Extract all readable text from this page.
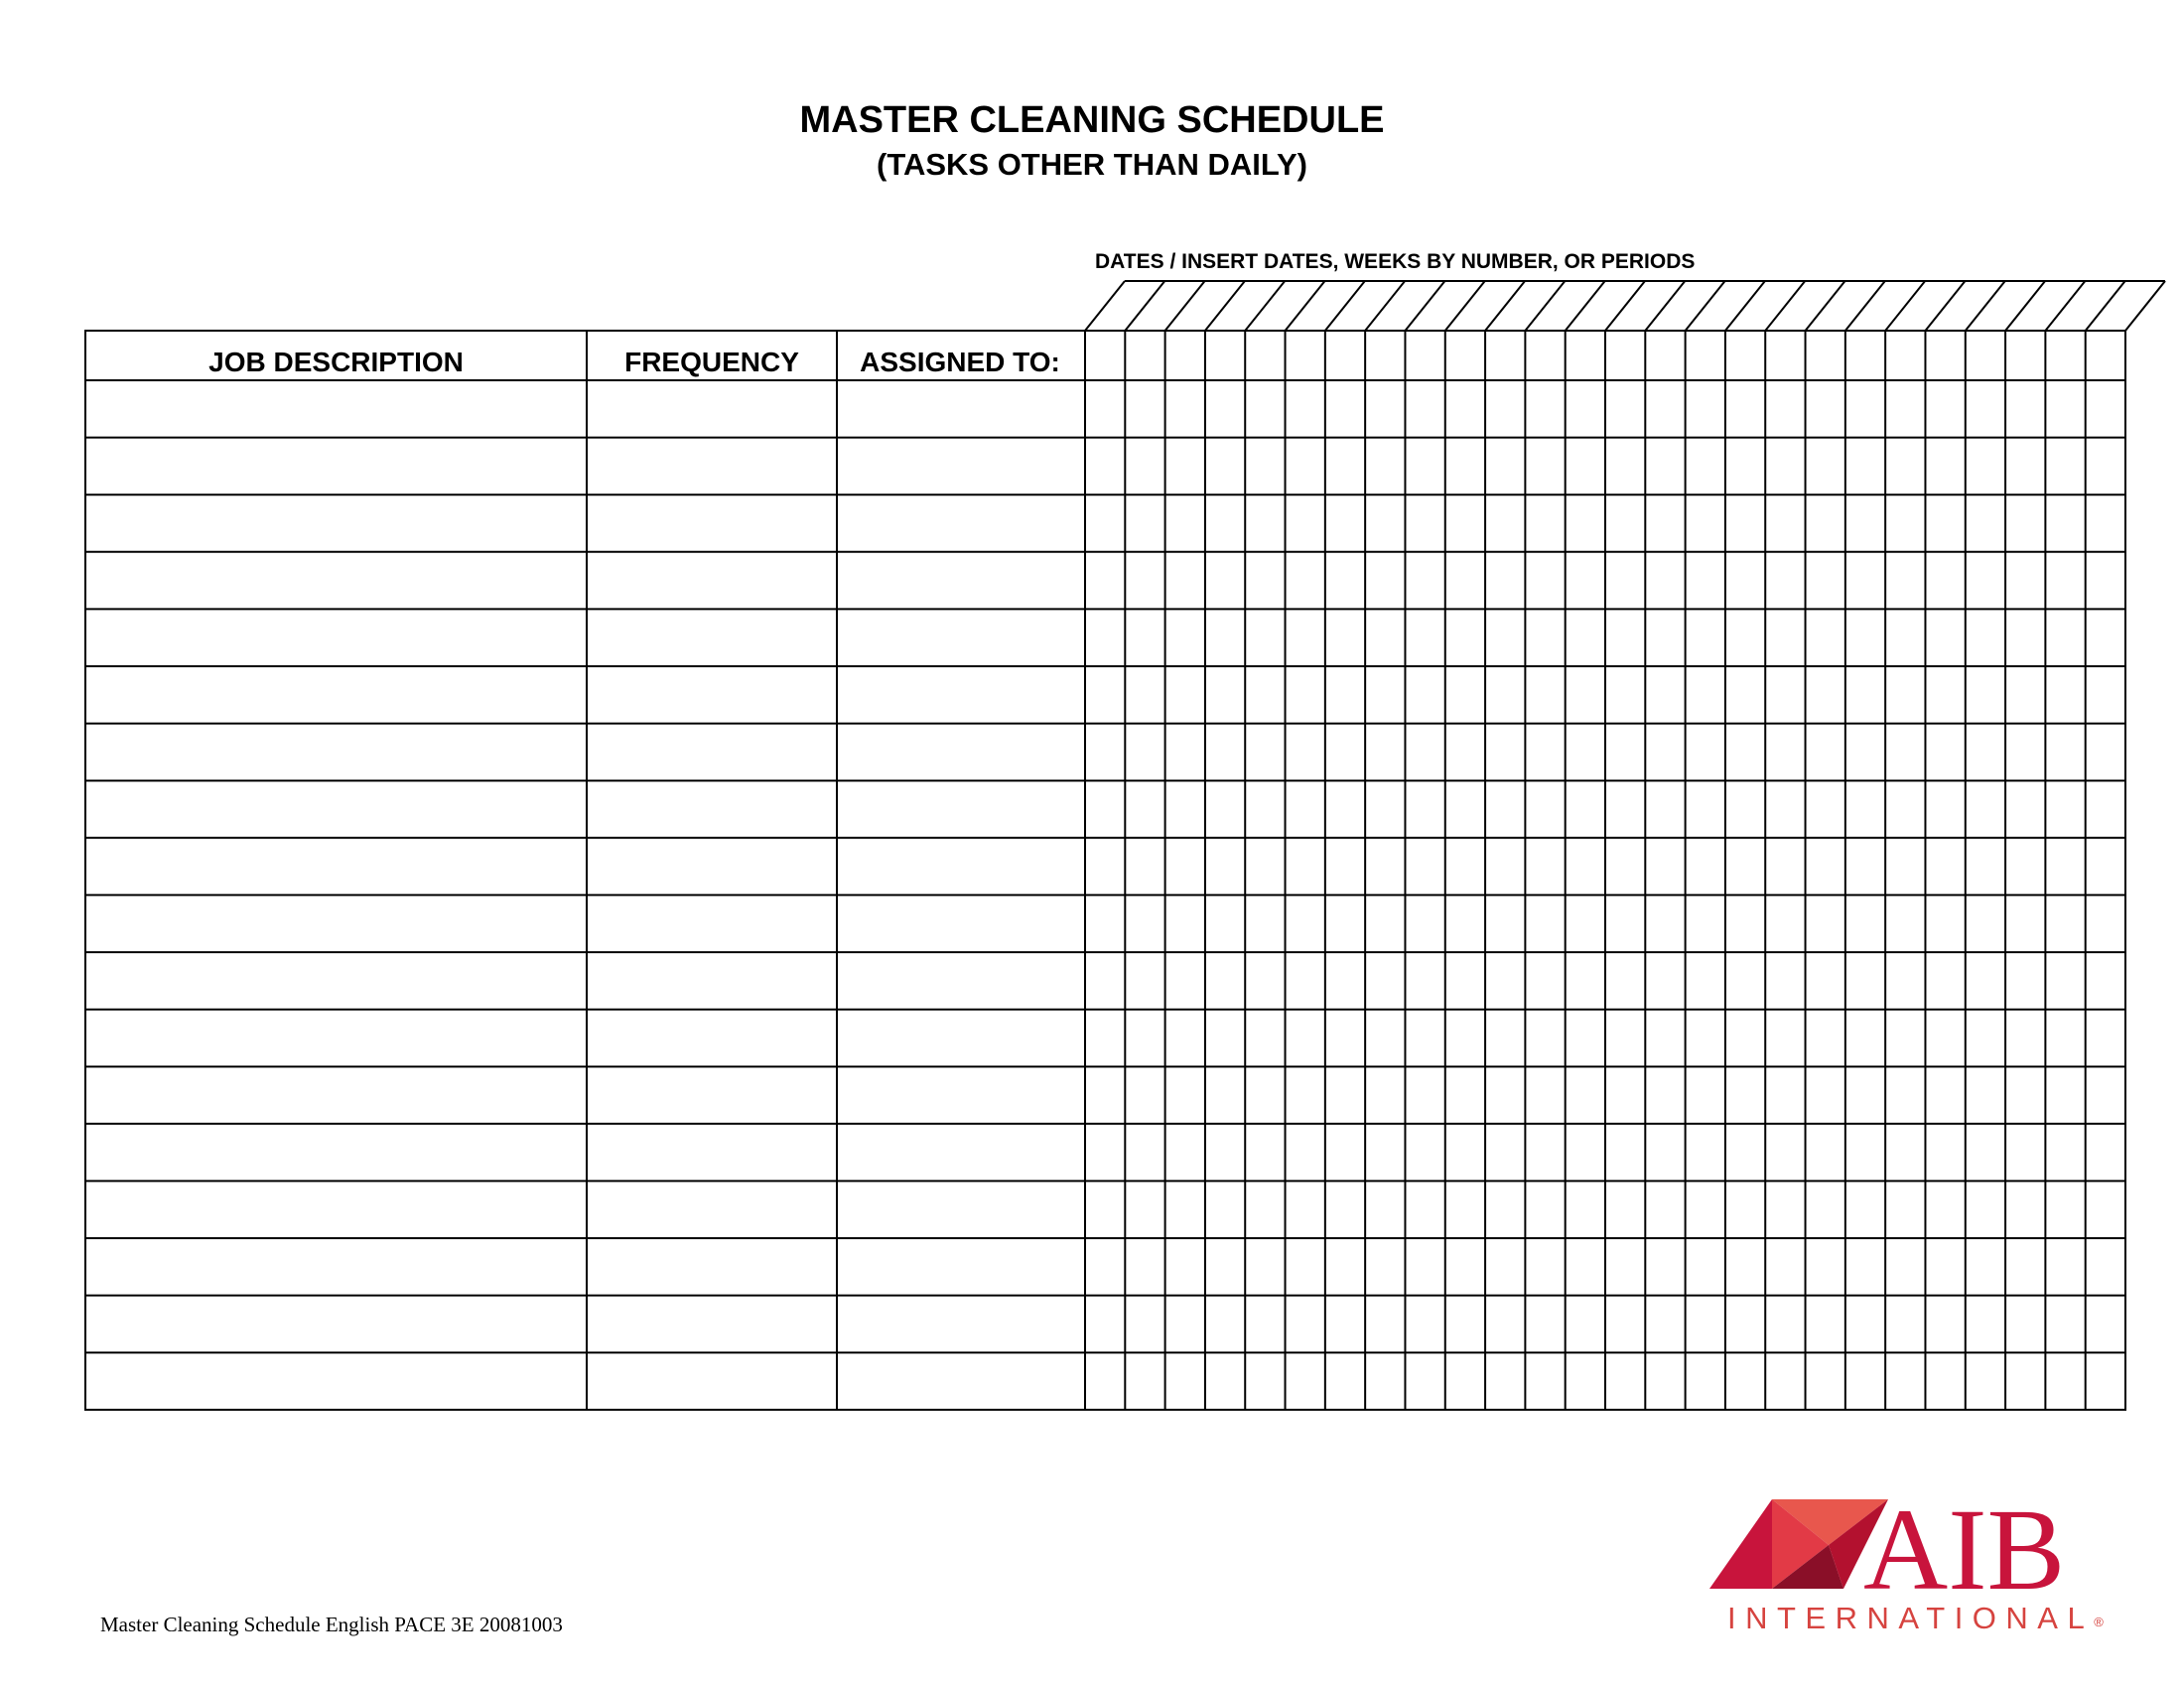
MASTER CLEANING SCHEDULE
(TASKS OTHER THAN DAILY)
DATES / INSERT DATES, WEEKS BY NUMBER, OR PERIODS
JOB DESCRIPTION	FREQUENCY	ASSIGNED TO:
Master Cleaning Schedule English PACE 3E 20081003
AIB
INTERNATIONAL®
